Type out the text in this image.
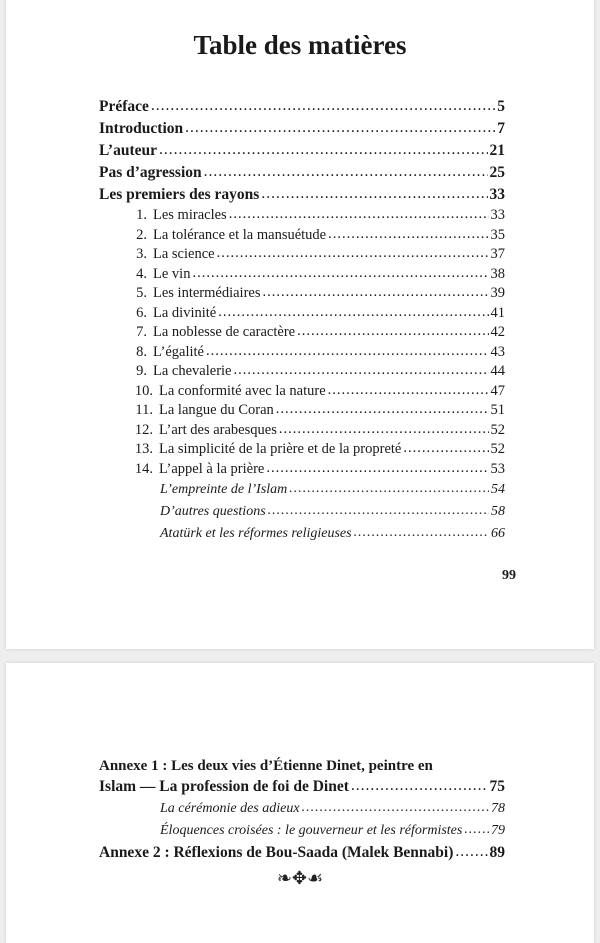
Table des matières
Préface .....	5
Introduction .....	7
L’auteur .....	21
Pas d’agression .....	25
Les premiers des rayons .....	33
1. Les miracles .....	33
2. La tolérance et la mansuétude .....	35
3. La science .....	37
4. Le vin .....	38
5. Les intermédiaires .....	39
6. La divinité .....	41
7. La noblesse de caractère .....	42
8. L’égalité .....	43
9. La chevalerie .....	44
10. La conformité avec la nature .....	47
11. La langue du Coran .....	51
12. L’art des arabesques .....	52
13. La simplicité de la prière et de la propreté .....	52
14. L’appel à la prière .....	53
L’empreinte de l’Islam .....	54
D’autres questions .....	58
Atatürk et les réformes religieuses .....	66
99
Annexe 1 : Les deux vies d’Étienne Dinet, peintre en
Islam — La profession de foi de Dinet .....	75
La cérémonie des adieux .....	78
Éloquences croisées : le gouverneur et les réformistes ..... 79
Annexe 2 : Réflexions de Bou-Saada (Malek Bennabi) ..... 89
❧✥☙
